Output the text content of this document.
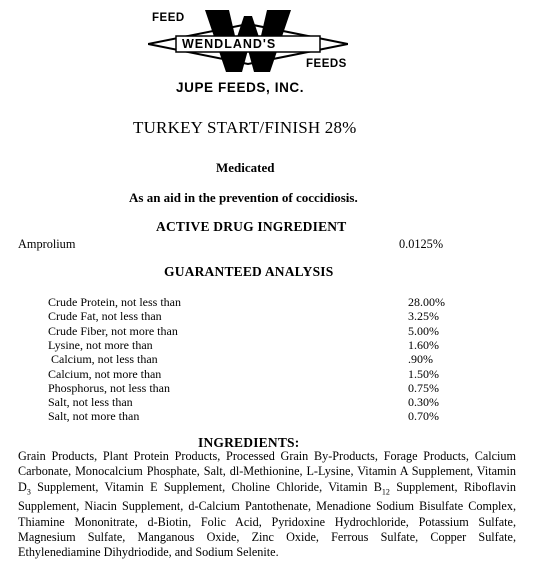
FEED
WENDLAND'S
FEEDS
JUPE FEEDS, INC.
TURKEY START/FINISH 28%
Medicated
As an aid in the prevention of coccidiosis.
ACTIVE DRUG INGREDIENT
Amprolium	0.0125%
GUARANTEED ANALYSIS
Crude Protein, not less than	28.00%
Crude Fat, not less than	3.25%
Crude Fiber, not more than	5.00%
Lysine, not more than	1.60%
Calcium, not less than	.90%
Calcium, not more than	1.50%
Phosphorus, not less than	0.75%
Salt, not less than	0.30%
Salt, not more than	0.70%
INGREDIENTS:
Grain Products, Plant Protein Products, Processed Grain By-Products, Forage Products, Calcium Carbonate, Monocalcium Phosphate, Salt, dl-Methionine, L-Lysine, Vitamin A Supplement, Vitamin $D_3$ Supplement, Vitamin E Supplement, Choline Chloride, Vitamin $B_{12}$ Supplement, Riboflavin Supplement, Niacin Supplement, d-Calcium Pantothenate, Menadione Sodium Bisulfate Complex, Thiamine Mononitrate, d-Biotin, Folic Acid, Pyridoxine Hydrochloride, Potassium Sulfate, Magnesium Sulfate, Manganous Oxide, Zinc Oxide, Ferrous Sulfate, Copper Sulfate, Ethylenediamine Dihydriodide, and Sodium Selenite.
